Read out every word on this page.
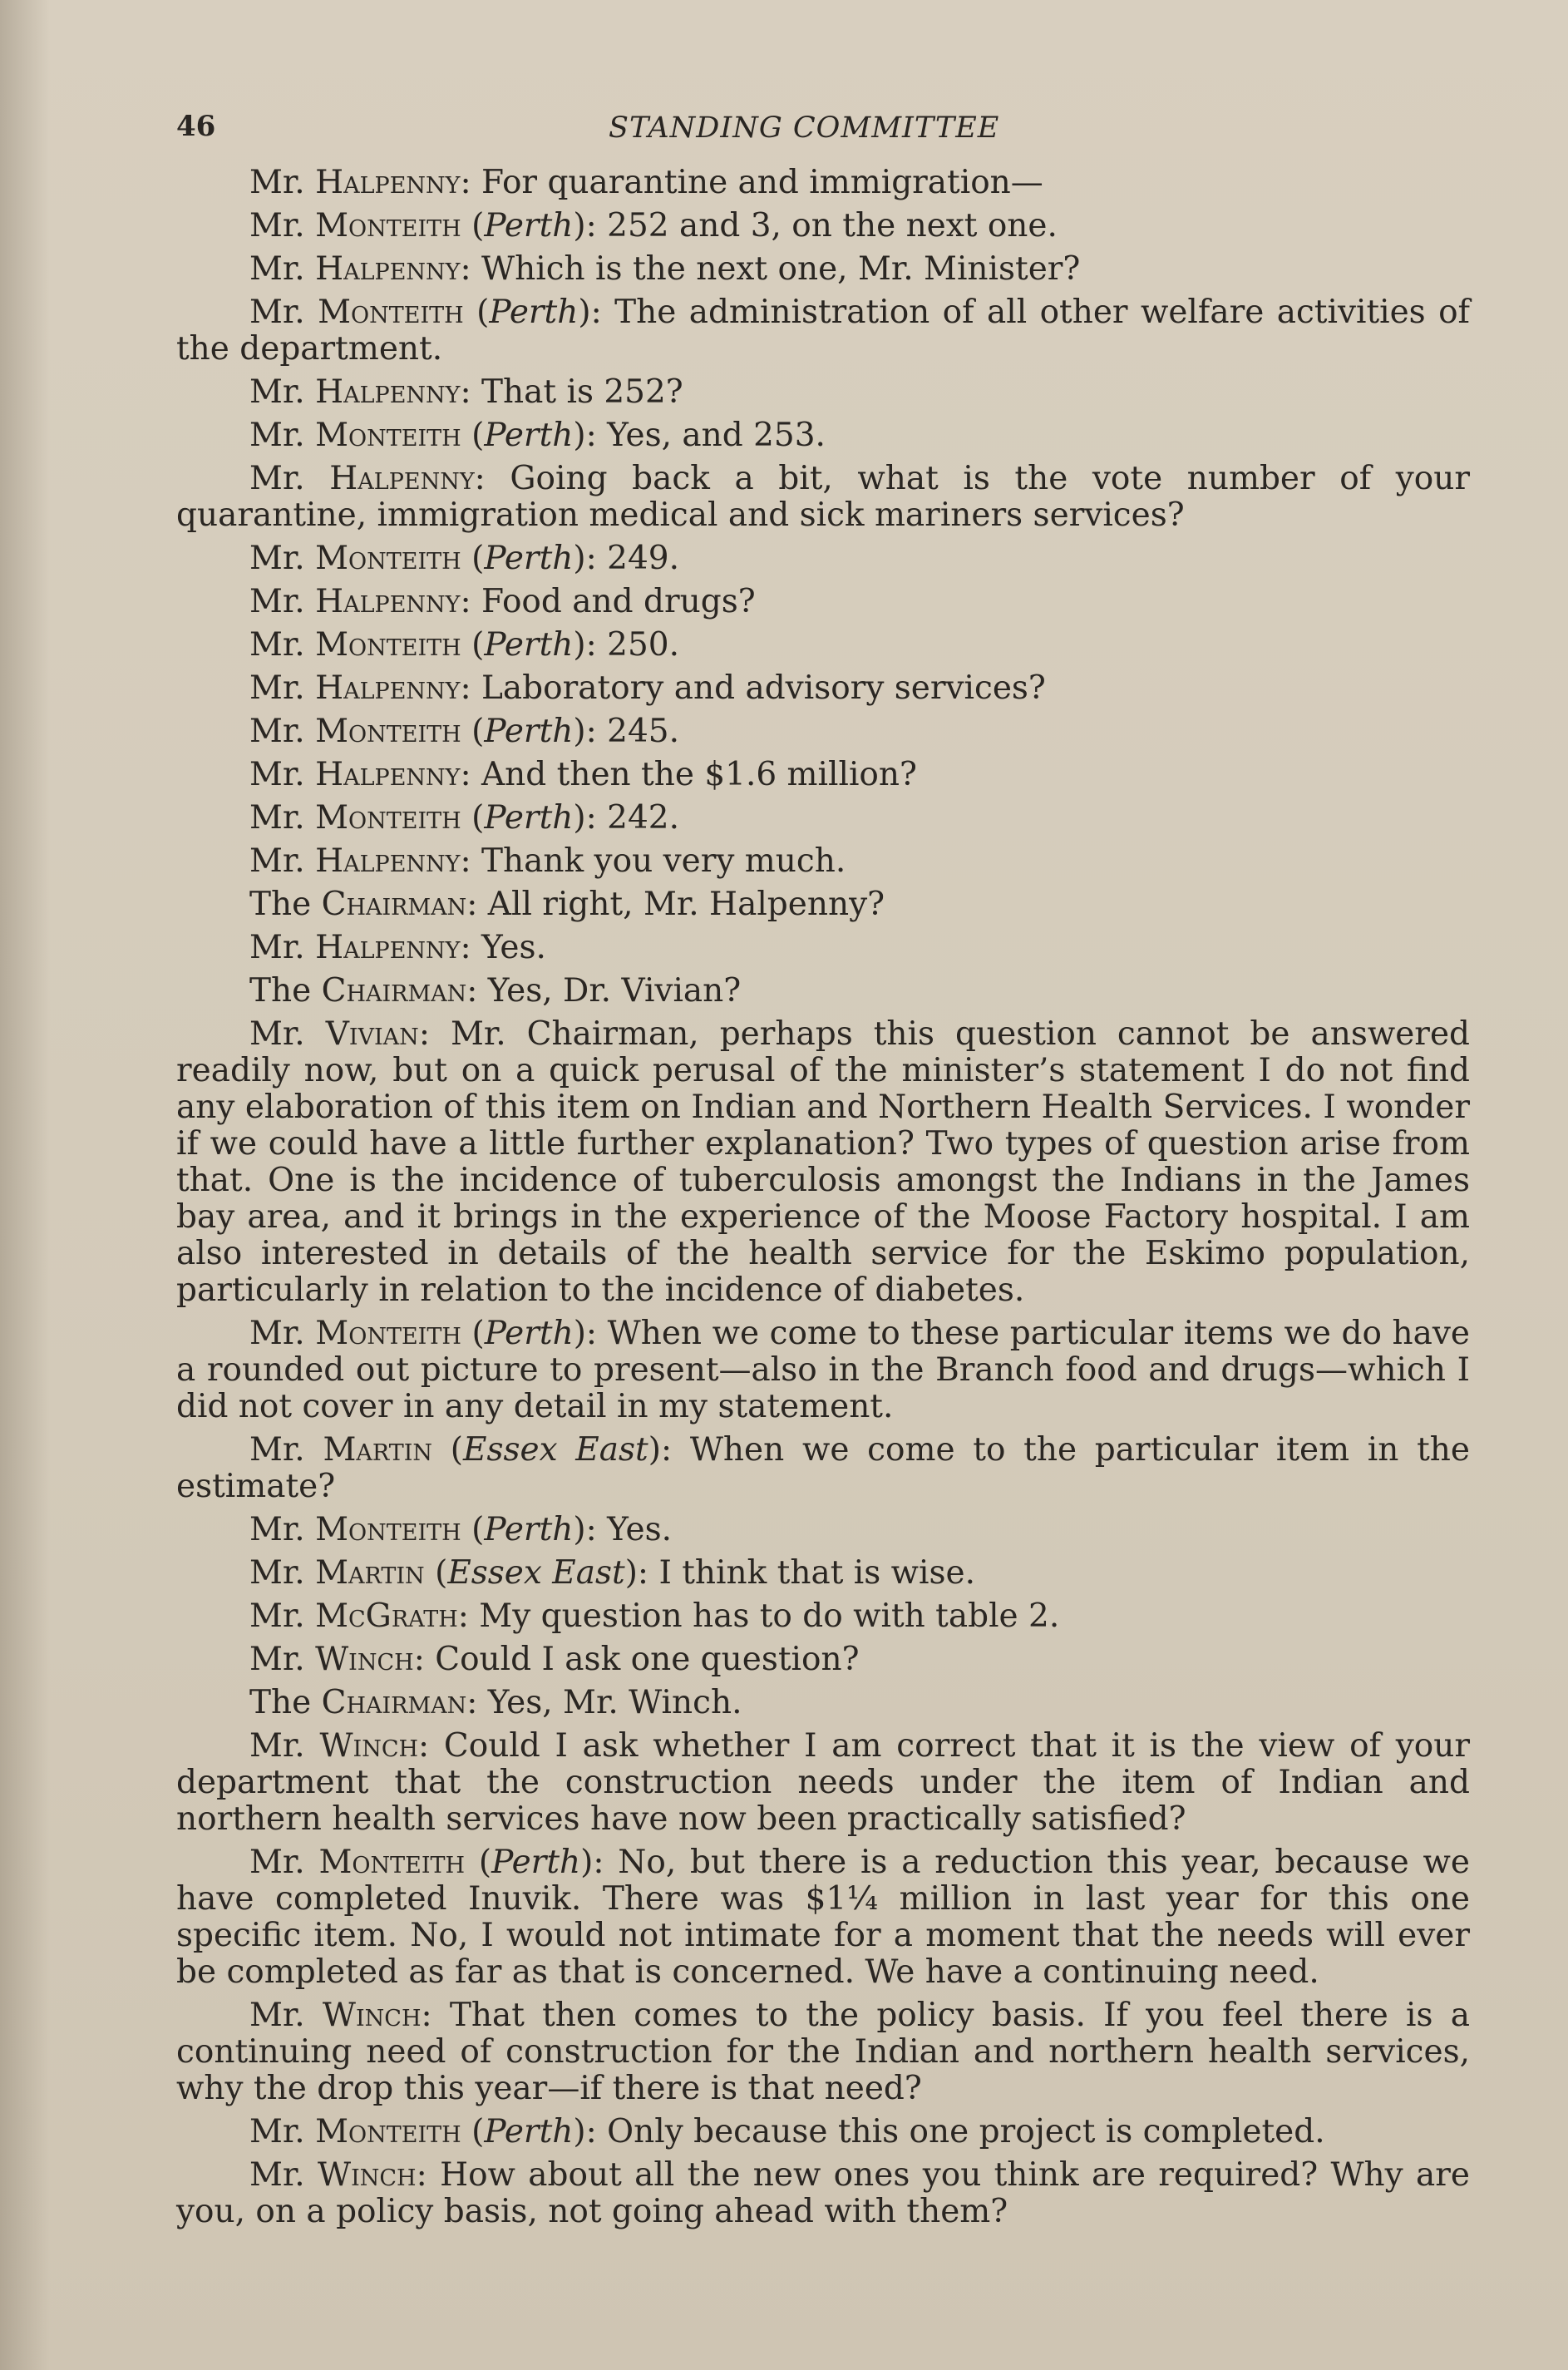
46	STANDING COMMITTEE

Mr. Halpenny: For quarantine and immigration—

Mr. Monteith (Perth): 252 and 3, on the next one.

Mr. Halpenny: Which is the next one, Mr. Minister?

Mr. Monteith (Perth): The administration of all other welfare activities of the department.

Mr. Halpenny: That is 252?

Mr. Monteith (Perth): Yes, and 253.

Mr. Halpenny: Going back a bit, what is the vote number of your quarantine, immigration medical and sick mariners services?

Mr. Monteith (Perth): 249.

Mr. Halpenny: Food and drugs?

Mr. Monteith (Perth): 250.

Mr. Halpenny: Laboratory and advisory services?

Mr. Monteith (Perth): 245.

Mr. Halpenny: And then the $1.6 million?

Mr. Monteith (Perth): 242.

Mr. Halpenny: Thank you very much.

The Chairman: All right, Mr. Halpenny?

Mr. Halpenny: Yes.

The Chairman: Yes, Dr. Vivian?

Mr. Vivian: Mr. Chairman, perhaps this question cannot be answered readily now, but on a quick perusal of the minister’s statement I do not find any elaboration of this item on Indian and Northern Health Services. I wonder if we could have a little further explanation? Two types of question arise from that. One is the incidence of tuberculosis amongst the Indians in the James bay area, and it brings in the experience of the Moose Factory hospital. I am also interested in details of the health service for the Eskimo population, particularly in relation to the incidence of diabetes.

Mr. Monteith (Perth): When we come to these particular items we do have a rounded out picture to present—also in the Branch food and drugs—which I did not cover in any detail in my statement.

Mr. Martin (Essex East): When we come to the particular item in the estimate?

Mr. Monteith (Perth): Yes.

Mr. Martin (Essex East): I think that is wise.

Mr. McGrath: My question has to do with table 2.

Mr. Winch: Could I ask one question?

The Chairman: Yes, Mr. Winch.

Mr. Winch: Could I ask whether I am correct that it is the view of your department that the construction needs under the item of Indian and northern health services have now been practically satisfied?

Mr. Monteith (Perth): No, but there is a reduction this year, because we have completed Inuvik. There was $1¼ million in last year for this one specific item. No, I would not intimate for a moment that the needs will ever be completed as far as that is concerned. We have a continuing need.

Mr. Winch: That then comes to the policy basis. If you feel there is a continuing need of construction for the Indian and northern health services, why the drop this year—if there is that need?

Mr. Monteith (Perth): Only because this one project is completed.

Mr. Winch: How about all the new ones you think are required? Why are you, on a policy basis, not going ahead with them?
